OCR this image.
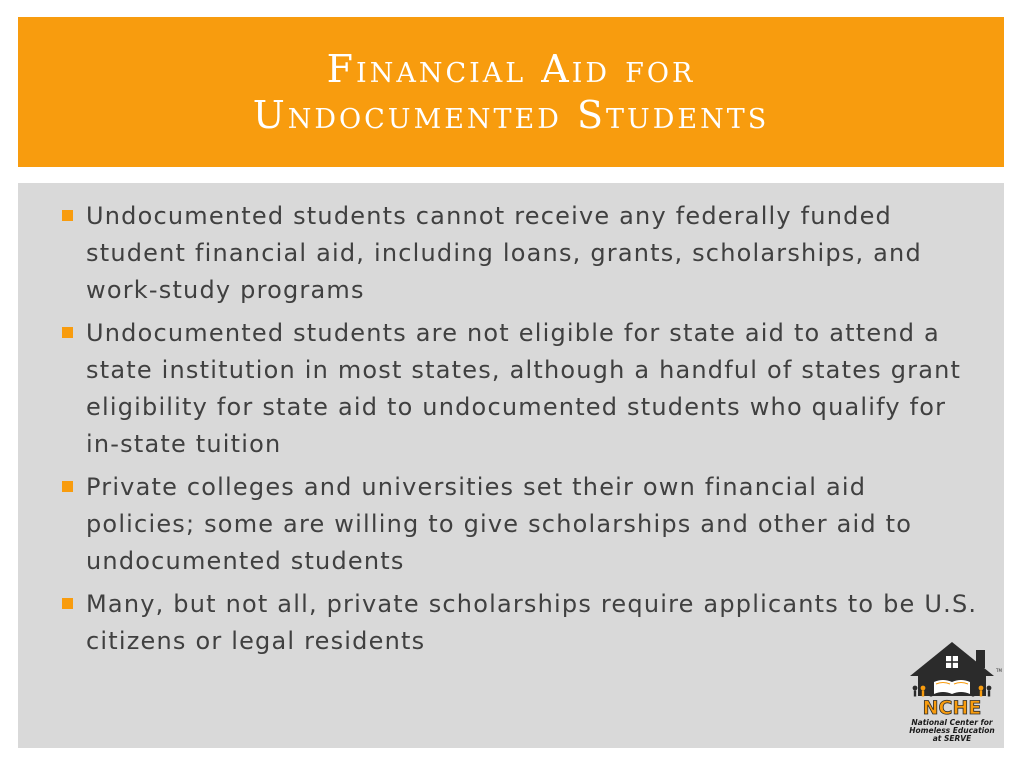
Financial Aid for
Undocumented Students
Undocumented students cannot receive any federally funded student financial aid, including loans, grants, scholarships, and work-study programs
Undocumented students are not eligible for state aid to attend a state institution in most states, although a handful of states grant eligibility for state aid to undocumented students who qualify for in-state tuition
Private colleges and universities set their own financial aid policies; some are willing to give scholarships and other aid to undocumented students
Many, but not all, private scholarships require applicants to be U.S. citizens or legal residents
NCHE
TM
National Center for
Homeless Education
at SERVE
